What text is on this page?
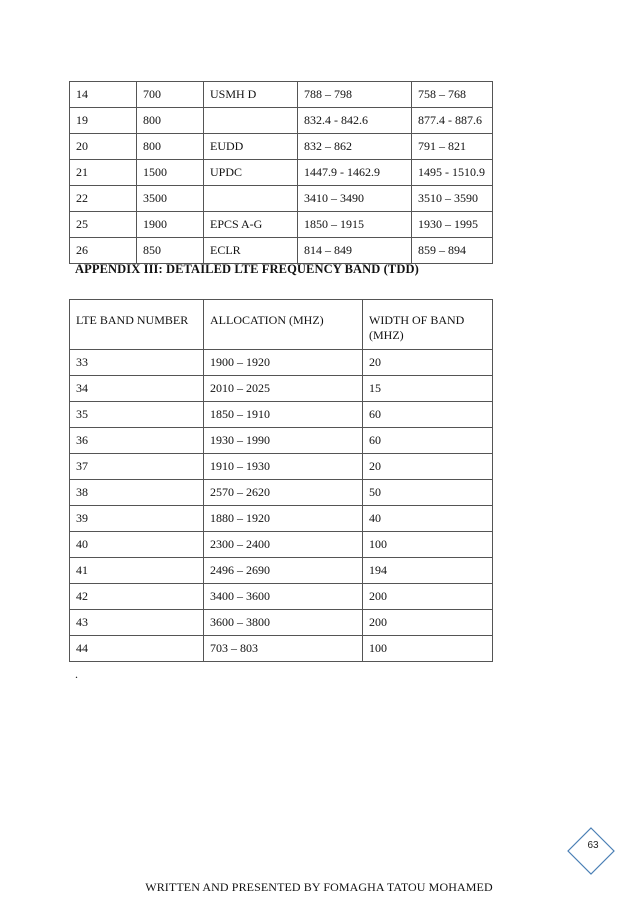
14	700	USMH D	788 – 798	758 – 768
19	800		832.4 - 842.6	877.4 - 887.6
20	800	EUDD	832 – 862	791 – 821
21	1500	UPDC	1447.9 - 1462.9	1495 - 1510.9
22	3500		3410 – 3490	3510 – 3590
25	1900	EPCS A-G	1850 – 1915	1930 – 1995
26	850	ECLR	814 – 849	859 – 894
APPENDIX III: DETAILED LTE FREQUENCY BAND (TDD)
LTE BAND NUMBER	ALLOCATION (MHZ)	WIDTH OF BAND (MHZ)
33	1900 – 1920	20
34	2010 – 2025	15
35	1850 – 1910	60
36	1930 – 1990	60
37	1910 – 1930	20
38	2570 – 2620	50
39	1880 – 1920	40
40	2300 – 2400	100
41	2496 – 2690	194
42	3400 – 3600	200
43	3600 – 3800	200
44	703 – 803	100
.
63
WRITTEN AND PRESENTED BY FOMAGHA TATOU MOHAMED
